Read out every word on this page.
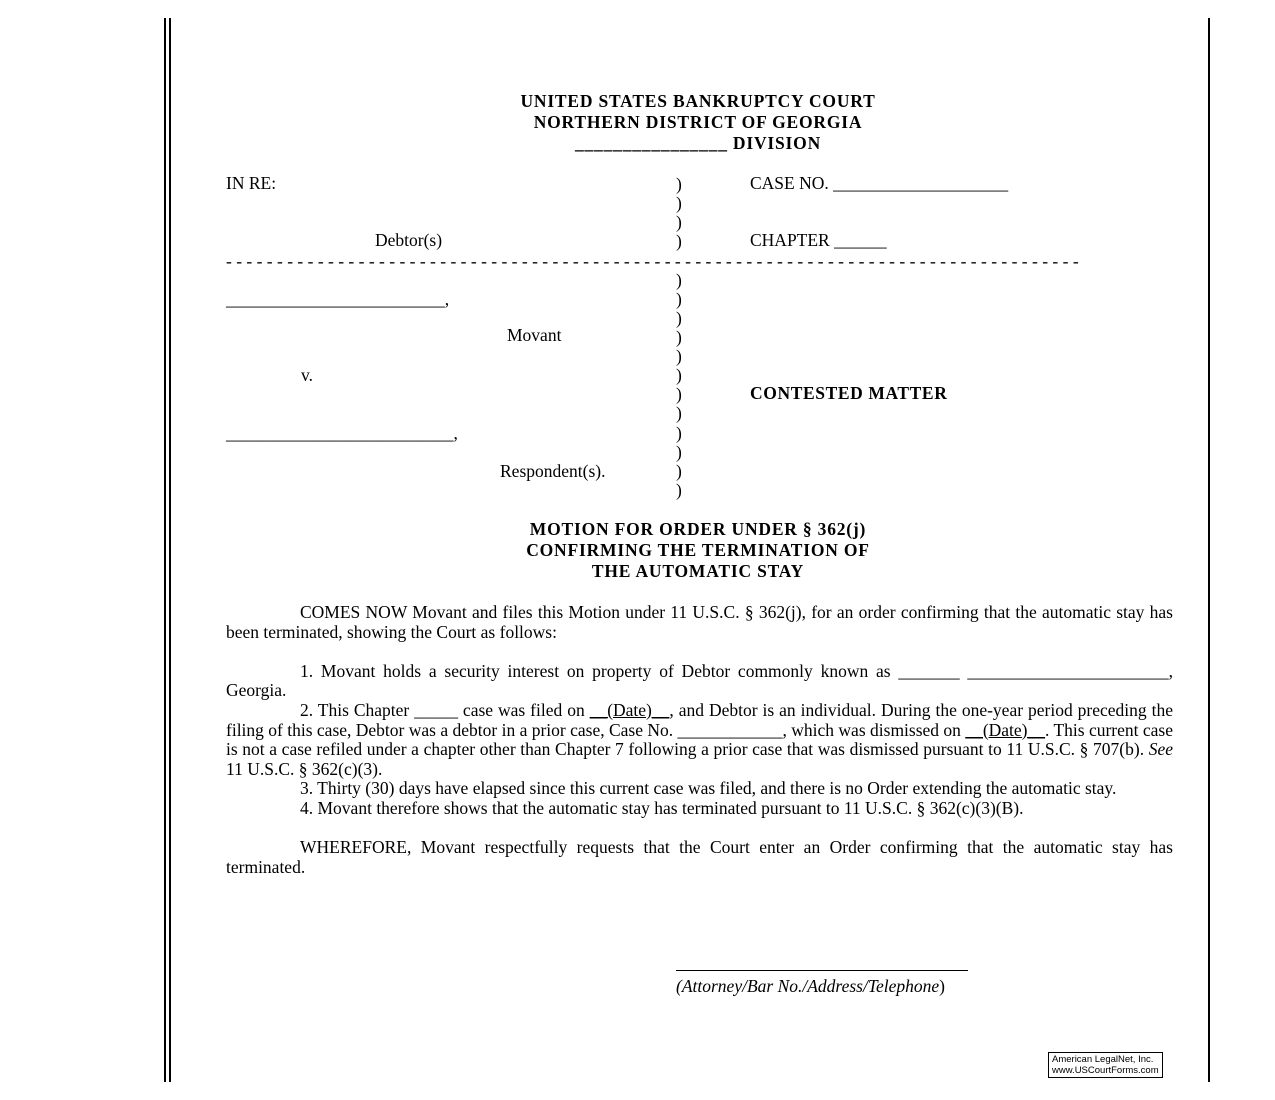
UNITED STATES BANKRUPTCY COURT
NORTHERN DISTRICT OF GEORGIA
________________ DIVISION
IN RE:
Debtor(s)
CASE NO. ____________________
CHAPTER ______
)
)
)
)
- - - - - - - - - - - - - - - - - - - - - - - - - - - - - - - - - - - - - - - - - - - - - - - - - - - - - - - - - - - - - - - - - - - - - - - - - - - - - - - - - - - -
)
)
)
)
)
)
)
)
)
)
)
)
_________________________,
Movant
v.
CONTESTED MATTER
__________________________,
Respondent(s).
MOTION FOR ORDER UNDER § 362(j)
CONFIRMING THE TERMINATION OF
THE AUTOMATIC STAY

COMES NOW Movant and files this Motion under 11 U.S.C. § 362(j), for an order confirming that the automatic stay has been terminated, showing the Court as follows:

1. Movant holds a security interest on property of Debtor commonly known as _______ _______________________, Georgia.

2. This Chapter _____ case was filed on __(Date)__, and Debtor is an individual. During the one-year period preceding the filing of this case, Debtor was a debtor in a prior case, Case No. ____________, which was dismissed on __(Date)__. This current case is not a case refiled under a chapter other than Chapter 7 following a prior case that was dismissed pursuant to 11 U.S.C. § 707(b). See 11 U.S.C. § 362(c)(3).

3. Thirty (30) days have elapsed since this current case was filed, and there is no Order extending the automatic stay.

4. Movant therefore shows that the automatic stay has terminated pursuant to 11 U.S.C. § 362(c)(3)(B).

WHEREFORE, Movant respectfully requests that the Court enter an Order confirming that the automatic stay has terminated.

(Attorney/Bar No./Address/Telephone)
American LegalNet, Inc.
www.USCourtForms.com
